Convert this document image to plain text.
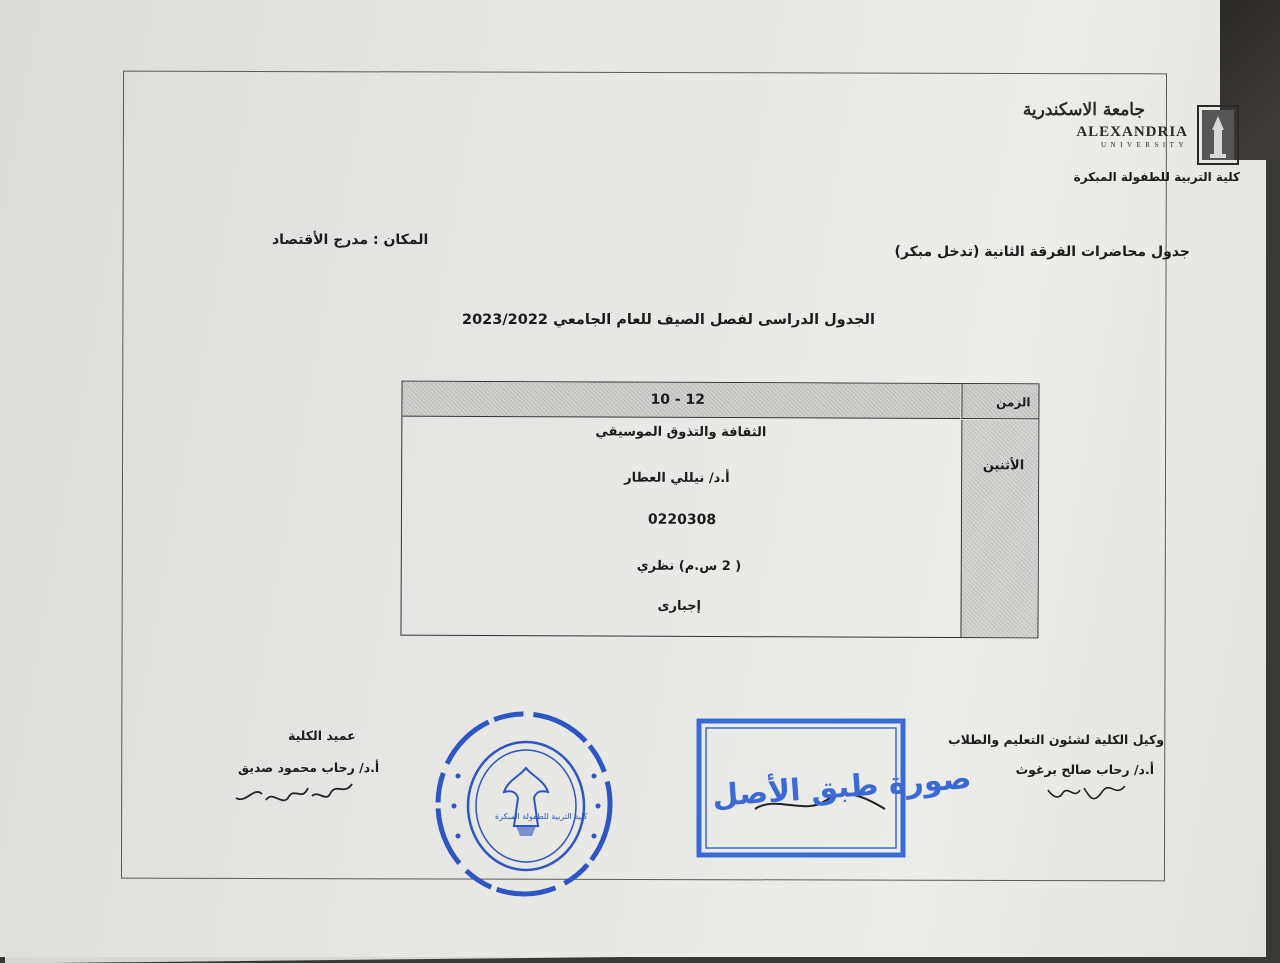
جامعة الاسكندرية
ALEXANDRIA
UNIVERSITY
كلية التربية للطفولة المبكرة
جدول محاضرات الفرقة الثانية (تدخل مبكر)
المكان : مدرج الأقتصاد
الجدول الدراسى لفصل الصيف للعام الجامعي 2023/2022
الزمن
10 - 12
الأثنين
الثقافة والتذوق الموسيقي
أ.د/ نيللي العطار
0220308
( 2 س.م) نظري
إجبارى
وكيل الكلية لشئون التعليم والطلاب
أ.د/ رحاب صالح برغوث
عميد الكلية
أ.د/ رحاب محمود صديق
كلية التربية للطفولة المبكرة
صورة طبق الأصل
